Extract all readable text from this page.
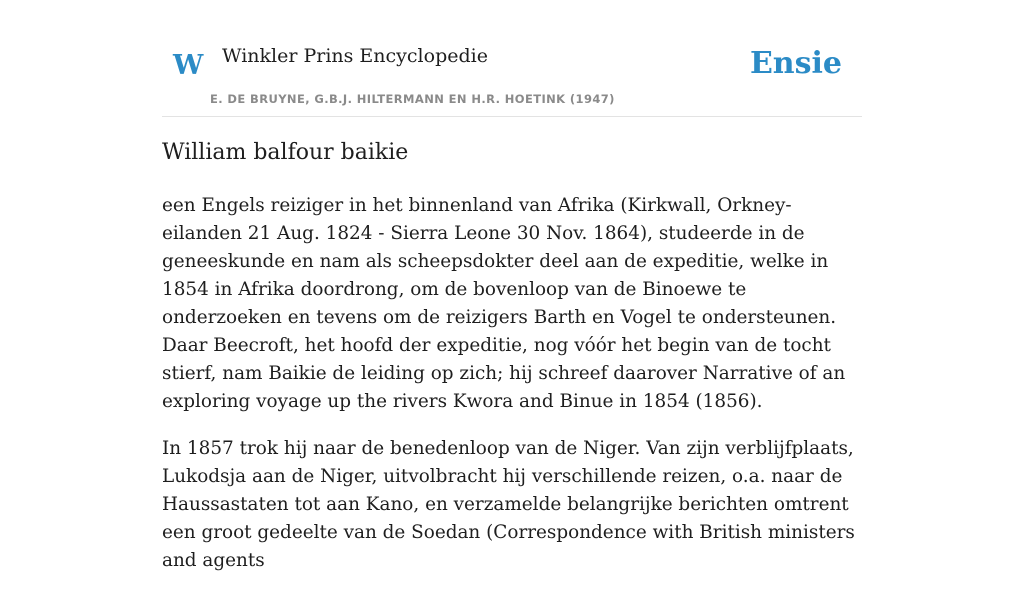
W Winkler Prins Encyclopedie
E. DE BRUYNE, G.B.J. HILTERMANN EN H.R. HOETINK (1947)
Ensie
William balfour baikie

een Engels reiziger in het binnenland van Afrika (Kirkwall, Orkney-eilanden 21 Aug. 1824 - Sierra Leone 30 Nov. 1864), studeerde in de geneeskunde en nam als scheepsdokter deel aan de expeditie, welke in 1854 in Afrika doordrong, om de bovenloop van de Binoewe te onderzoeken en tevens om de reizigers Barth en Vogel te ondersteunen. Daar Beecroft, het hoofd der expeditie, nog vóór het begin van de tocht stierf, nam Baikie de leiding op zich; hij schreef daarover Narrative of an exploring voyage up the rivers Kwora and Binue in 1854 (1856).

In 1857 trok hij naar de benedenloop van de Niger. Van zijn verblijfplaats, Lukodsja aan de Niger, uitvolbracht hij verschillende reizen, o.a. naar de Haussastaten tot aan Kano, en verzamelde belangrijke berichten omtrent een groot gedeelte van de Soedan (Correspondence with British ministers and agents
